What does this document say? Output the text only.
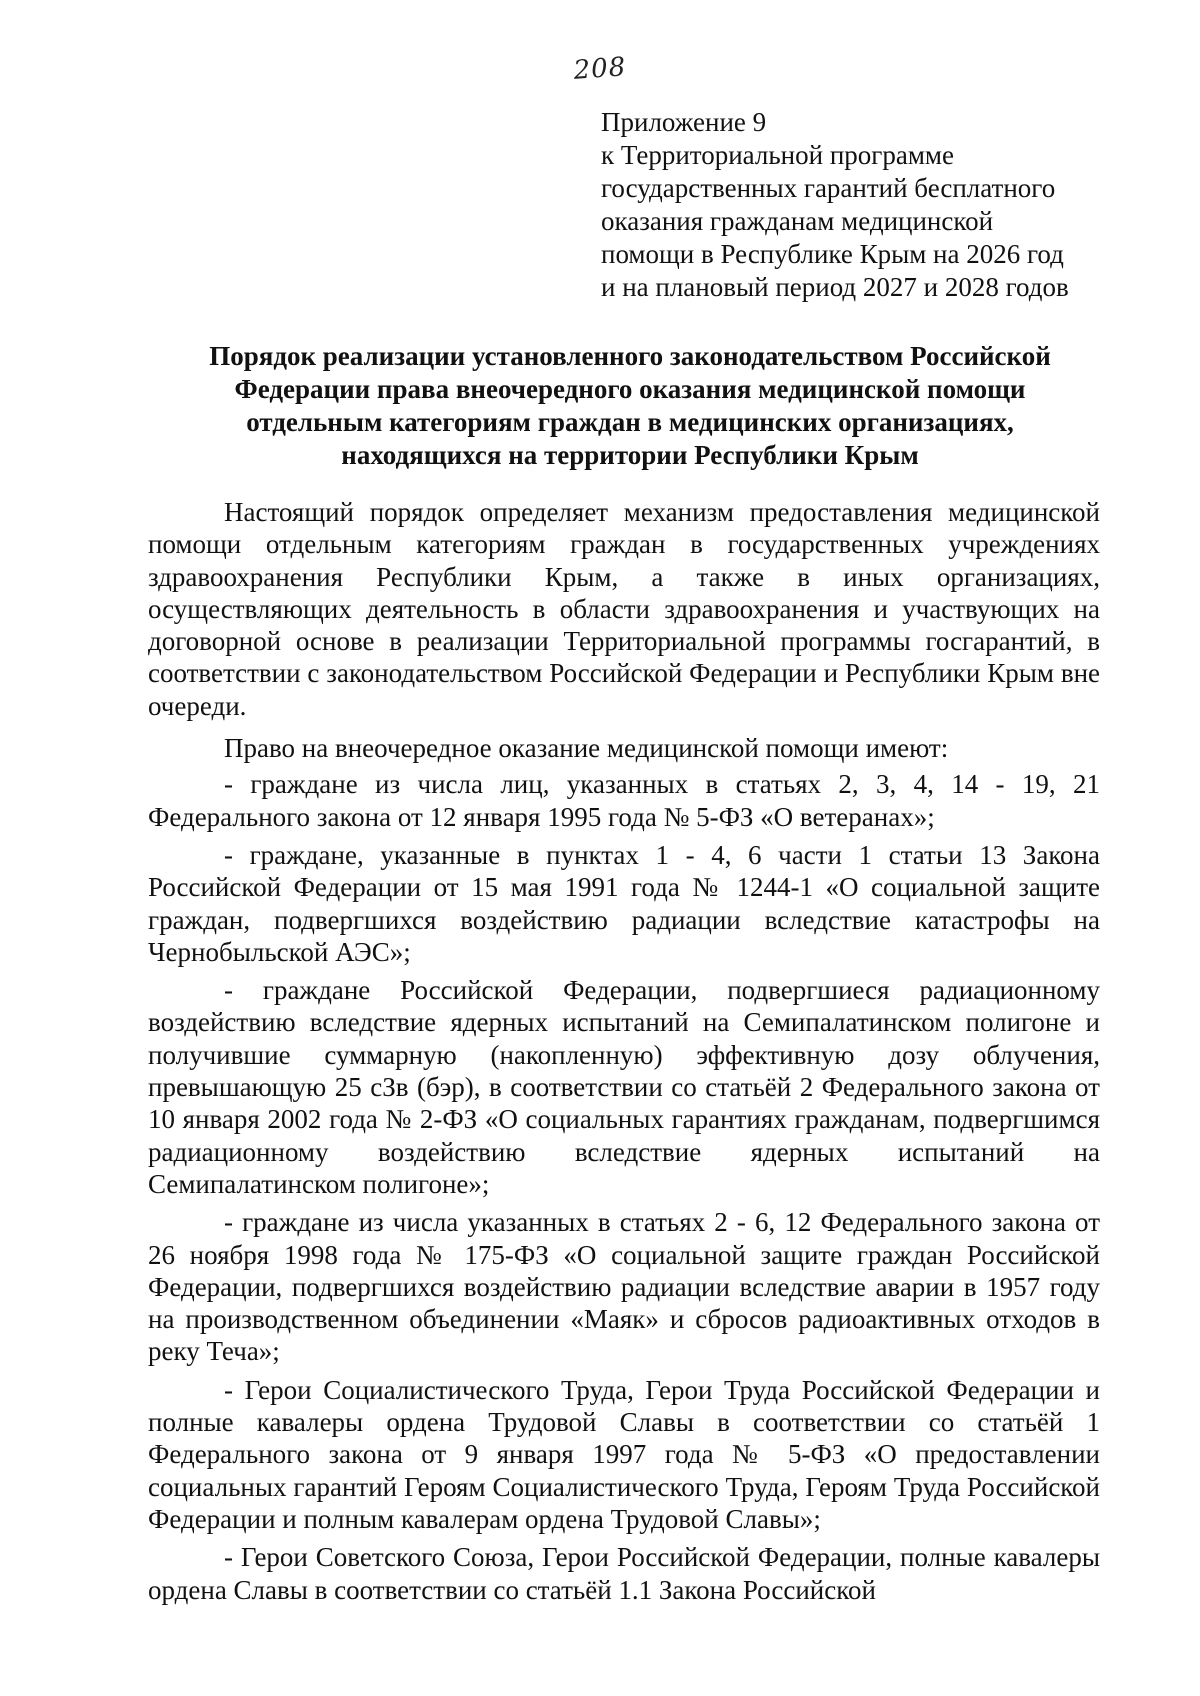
208
Приложение 9
к Территориальной программе
государственных гарантий бесплатного
оказания гражданам медицинской
помощи в Республике Крым на 2026 год
и на плановый период 2027 и 2028 годов
Порядок реализации установленного законодательством Российской
Федерации права внеочередного оказания медицинской помощи
отдельным категориям граждан в медицинских организациях,
находящихся на территории Республики Крым

Настоящий порядок определяет механизм предоставления медицинской помощи отдельным категориям граждан в государственных учреждениях здравоохранения Республики Крым, а также в иных организациях, осуществляющих деятельность в области здравоохранения и участвующих на договорной основе в реализации Территориальной программы госгарантий, в соответствии с законодательством Российской Федерации и Республики Крым вне очереди.

Право на внеочередное оказание медицинской помощи имеют:

- граждане из числа лиц, указанных в статьях 2, 3, 4, 14 - 19, 21 Федерального закона от 12 января 1995 года № 5-ФЗ «О ветеранах»;

- граждане, указанные в пунктах 1 - 4, 6 части 1 статьи 13 Закона Российской Федерации от 15 мая 1991 года № 1244-1 «О социальной защите граждан, подвергшихся воздействию радиации вследствие катастрофы на Чернобыльской АЭС»;

- граждане Российской Федерации, подвергшиеся радиационному воздействию вследствие ядерных испытаний на Семипалатинском полигоне и получившие суммарную (накопленную) эффективную дозу облучения, превышающую 25 сЗв (бэр), в соответствии со статьёй 2 Федерального закона от 10 января 2002 года № 2-ФЗ «О социальных гарантиях гражданам, подвергшимся радиационному воздействию вследствие ядерных испытаний на Семипалатинском полигоне»;

- граждане из числа указанных в статьях 2 - 6, 12 Федерального закона от 26 ноября 1998 года № 175-ФЗ «О социальной защите граждан Российской Федерации, подвергшихся воздействию радиации вследствие аварии в 1957 году на производственном объединении «Маяк» и сбросов радиоактивных отходов в реку Теча»;

- Герои Социалистического Труда, Герои Труда Российской Федерации и полные кавалеры ордена Трудовой Славы в соответствии со статьёй 1 Федерального закона от 9 января 1997 года № 5-ФЗ «О предоставлении социальных гарантий Героям Социалистического Труда, Героям Труда Российской Федерации и полным кавалерам ордена Трудовой Славы»;

- Герои Советского Союза, Герои Российской Федерации, полные кавалеры ордена Славы в соответствии со статьёй 1.1 Закона Российской
